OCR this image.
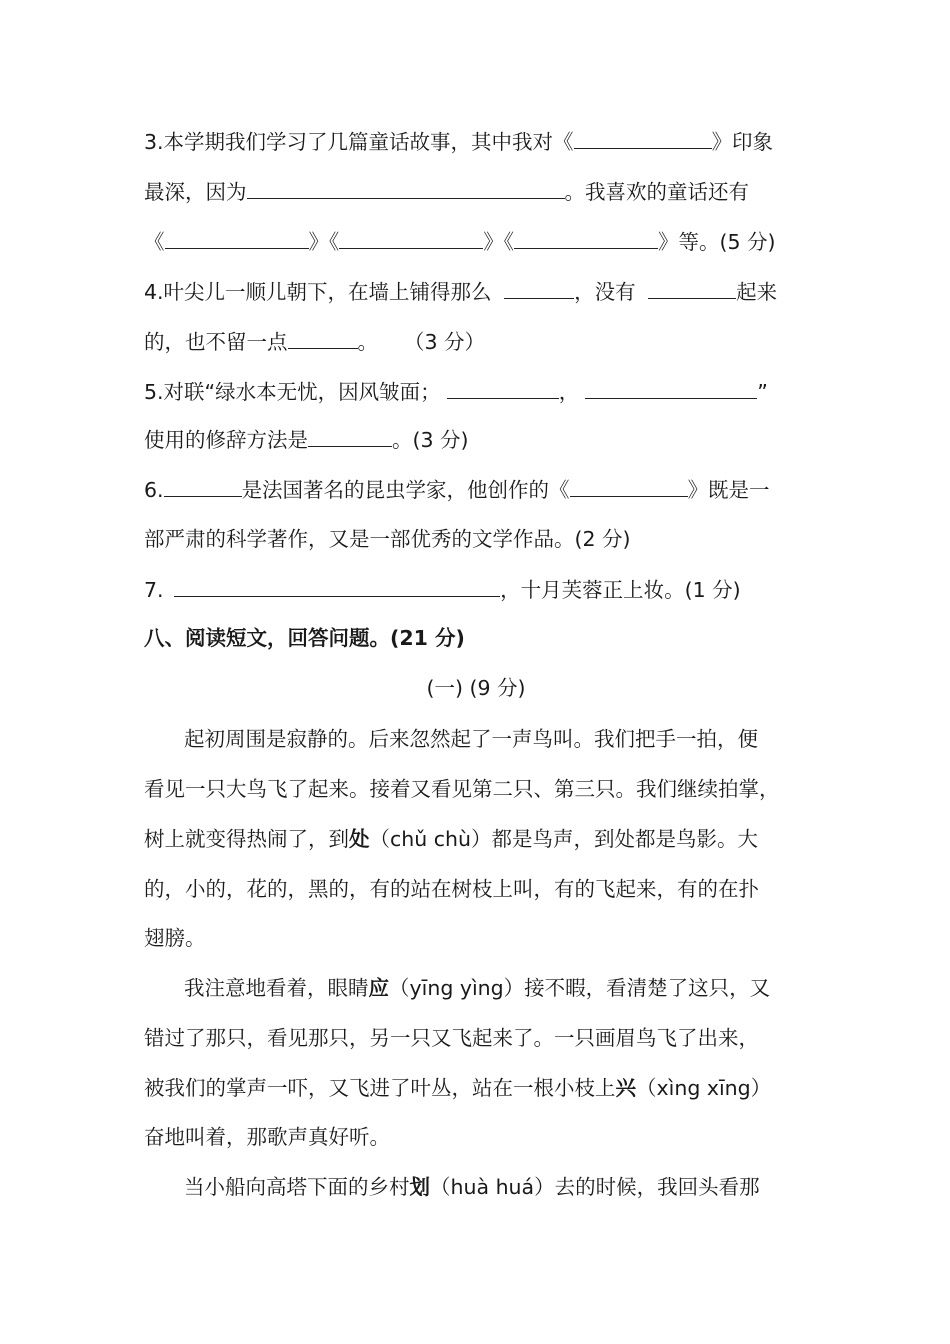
3.本学期我们学习了几篇童话故事，其中我对《	》印象
最深，因为	。我喜欢的童话还有
《	》《	》《	》等。(5 分)
4.叶尖儿一顺儿朝下，在墙上铺得那么	，没有	起来
的，也不留一点	。 （3 分）
5.对联“绿水本无忧，因风皱面；	，	”
使用的修辞方法是	。(3 分)
6.	是法国著名的昆虫学家，他创作的《	》既是一
部严肃的科学著作，又是一部优秀的文学作品。(2 分)
7.	，十月芙蓉正上妆。(1 分)
八、阅读短文，回答问题。(21 分)
(一) (9 分)
起初周围是寂静的。后来忽然起了一声鸟叫。我们把手一拍，便
看见一只大鸟飞了起来。接着又看见第二只、第三只。我们继续拍掌，
树上就变得热闹了，到处（chǔ chù）都是鸟声，到处都是鸟影。大
的，小的，花的，黑的，有的站在树枝上叫，有的飞起来，有的在扑
翅膀。
我注意地看着，眼睛应（yīng yìng）接不暇，看清楚了这只，又
错过了那只，看见那只，另一只又飞起来了。一只画眉鸟飞了出来，
被我们的掌声一吓，又飞进了叶丛，站在一根小枝上兴（xìng xīng）
奋地叫着，那歌声真好听。
当小船向高塔下面的乡村划（huà huá）去的时候，我回头看那
